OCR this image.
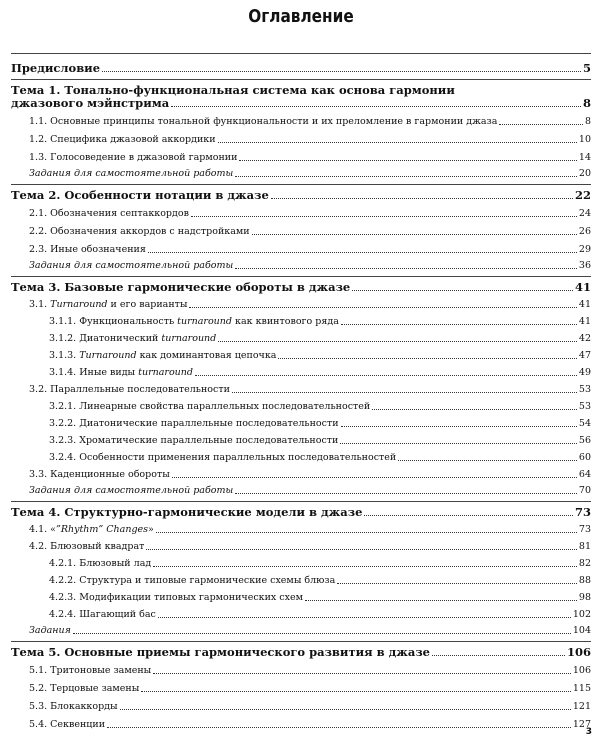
Оглавление
Предисловие	5
Тема 1. Тонально-функциональная система как основа гармонии
джазового мэйнстрима	8
1.1. Основные принципы тональной функциональности и их преломление в гармонии джаза	8
1.2. Специфика джазовой аккордики	10
1.3. Голосоведение в джазовой гармонии	14
Задания для самостоятельной работы	20
Тема 2. Особенности нотации в джазе	22
2.1. Обозначения септаккордов	24
2.2. Обозначения аккордов с надстройками	26
2.3. Иные обозначения	29
Задания для самостоятельной работы	36
Тема 3. Базовые гармонические обороты в джазе	41
3.1. Turnaround и его варианты	41
3.1.1. Функциональность turnaround как квинтового ряда	41
3.1.2. Диатонический turnaround	42
3.1.3. Turnaround как доминантовая цепочка	47
3.1.4. Иные виды turnaround	49
3.2. Параллельные последовательности	53
3.2.1. Линеарные свойства параллельных последовательностей	53
3.2.2. Диатонические параллельные последовательности	54
3.2.3. Хроматические параллельные последовательности	56
3.2.4. Особенности применения параллельных последовательностей	60
3.3. Каденционные обороты	64
Задания для самостоятельной работы	70
Тема 4. Структурно-гармонические модели в джазе	73
4.1. «”Rhythm” Changes»	73
4.2. Блюзовый квадрат	81
4.2.1. Блюзовый лад	82
4.2.2. Структура и типовые гармонические схемы блюза	88
4.2.3. Модификации типовых гармонических схем	98
4.2.4. Шагающий бас	102
Задания	104
Тема 5. Основные приемы гармонического развития в джазе	106
5.1. Тритоновые замены	106
5.2. Терцовые замены	115
5.3. Блокаккорды	121
5.4. Секвенции	127
3
